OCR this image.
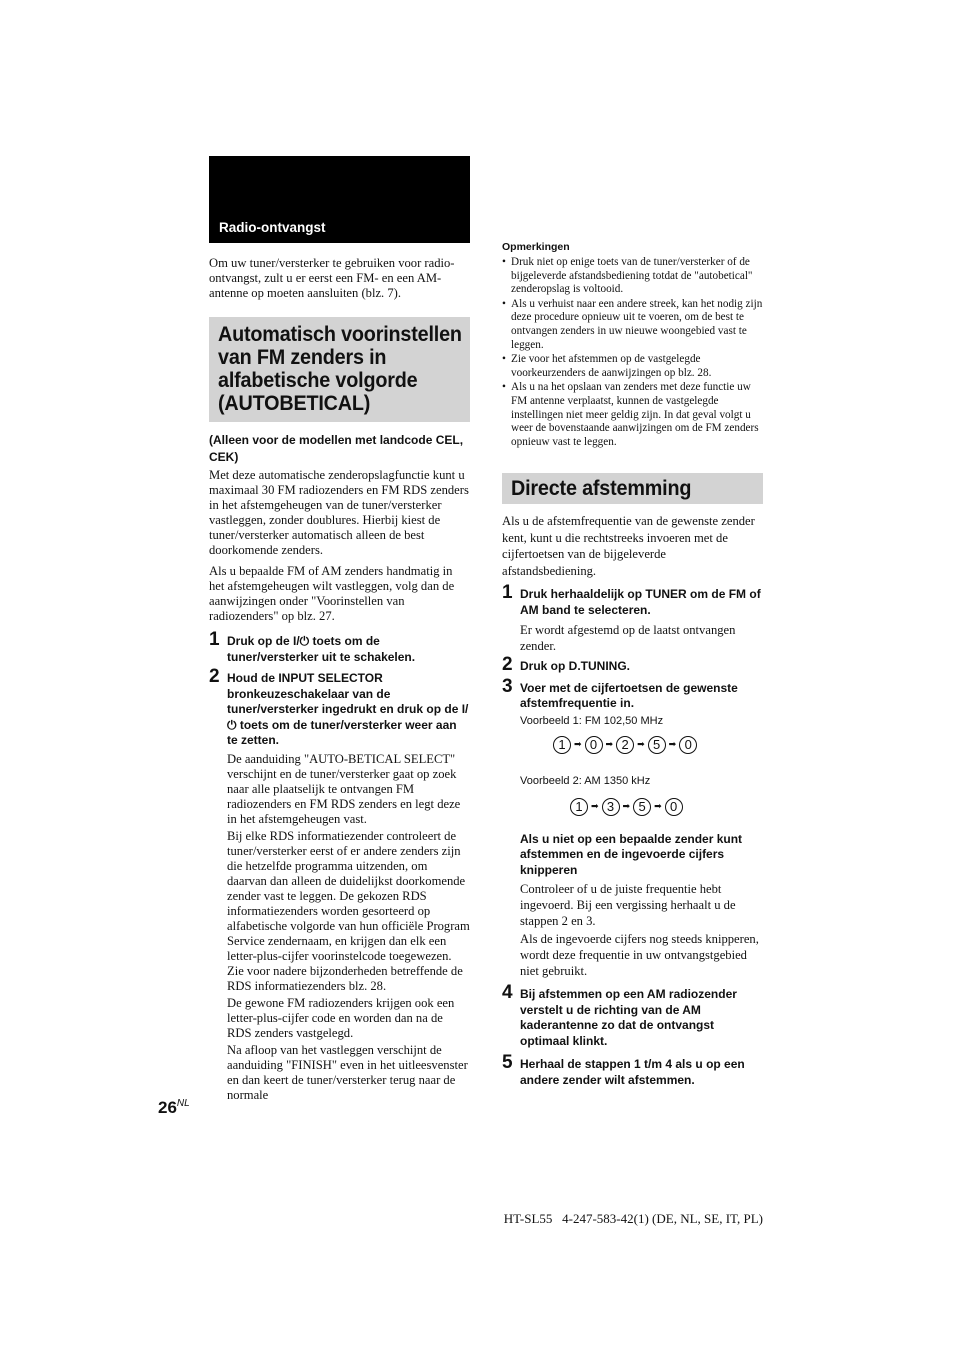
Radio-ontvangst
Om uw tuner/versterker te gebruiken voor radio-ontvangst, zult u er eerst een FM- en een AM-antenne op moeten aansluiten (blz. 7).
Automatisch voorinstellen van FM zenders in alfabetische volgorde (AUTOBETICAL)
(Alleen voor de modellen met landcode CEL, CEK)

Met deze automatische zenderopslagfunctie kunt u maximaal 30 FM radiozenders en FM RDS zenders in het afstemgeheugen van de tuner/versterker vastleggen, zonder doublures. Hierbij kiest de tuner/versterker automatisch alleen de best doorkomende zenders.

Als u bepaalde FM of AM zenders handmatig in het afstemgeheugen wilt vastleggen, volg dan de aanwijzingen onder "Voorinstellen van radiozenders" op blz. 27.

1 Druk op de I/⏻ toets om de tuner/versterker uit te schakelen.
2 Houd de INPUT SELECTOR bronkeuzeschakelaar van de tuner/versterker ingedrukt en druk op de I/⏻ toets om de tuner/versterker weer aan te zetten.

De aanduiding "AUTO-BETICAL SELECT" verschijnt en de tuner/versterker gaat op zoek naar alle plaatselijk te ontvangen FM radiozenders en FM RDS zenders en legt deze in het afstemgeheugen vast.

Bij elke RDS informatiezender controleert de tuner/versterker eerst of er andere zenders zijn die hetzelfde programma uitzenden, om daarvan dan alleen de duidelijkst doorkomende zender vast te leggen. De gekozen RDS informatiezenders worden gesorteerd op alfabetische volgorde van hun officiële Program Service zendernaam, en krijgen dan elk een letter-plus-cijfer voorinstelcode toegewezen. Zie voor nadere bijzonderheden betreffende de RDS informatiezenders blz. 28.

De gewone FM radiozenders krijgen ook een letter-plus-cijfer code en worden dan na de RDS zenders vastgelegd.

Na afloop van het vastleggen verschijnt de aanduiding "FINISH" even in het uitleesvenster en dan keert de tuner/versterker terug naar de normale

$26^{NL}$
Opmerkingen
• Druk niet op enige toets van de tuner/versterker of de bijgeleverde afstandsbediening totdat de "autobetical" zenderopslag is voltooid.
• Als u verhuist naar een andere streek, kan het nodig zijn deze procedure opnieuw uit te voeren, om de best te ontvangen zenders in uw nieuwe woongebied vast te leggen.
• Zie voor het afstemmen op de vastgelegde voorkeurzenders de aanwijzingen op blz. 28.
• Als u na het opslaan van zenders met deze functie uw FM antenne verplaatst, kunnen de vastgelegde instellingen niet meer geldig zijn. In dat geval volgt u weer de bovenstaande aanwijzingen om de FM zenders opnieuw vast te leggen.
Directe afstemming
Als u de afstemfrequentie van de gewenste zender kent, kunt u die rechtstreeks invoeren met de cijfertoetsen van de bijgeleverde afstandsbediening.
1 Druk herhaaldelijk op TUNER om de FM of AM band te selecteren.
Er wordt afgestemd op de laatst ontvangen zender.
2 Druk op D.TUNING.
3 Voer met de cijfertoetsen de gewenste afstemfrequentie in.
Voorbeeld 1: FM 102,50 MHz
1 ➡ 0 ➡ 2 ➡ 5 ➡ 0
Voorbeeld 2: AM 1350 kHz
1 ➡ 3 ➡ 5 ➡ 0
Als u niet op een bepaalde zender kunt afstemmen en de ingevoerde cijfers knipperen

Controleer of u de juiste frequentie hebt ingevoerd. Bij een vergissing herhaalt u de stappen 2 en 3.

Als de ingevoerde cijfers nog steeds knipperen, wordt deze frequentie in uw ontvangstgebied niet gebruikt.

4 Bij afstemmen op een AM radiozender verstelt u de richting van de AM kaderantenne zo dat de ontvangst optimaal klinkt.
5 Herhaal de stappen 1 t/m 4 als u op een andere zender wilt afstemmen.
HT-SL55   4-247-583-42(1) (DE, NL, SE, IT, PL)
